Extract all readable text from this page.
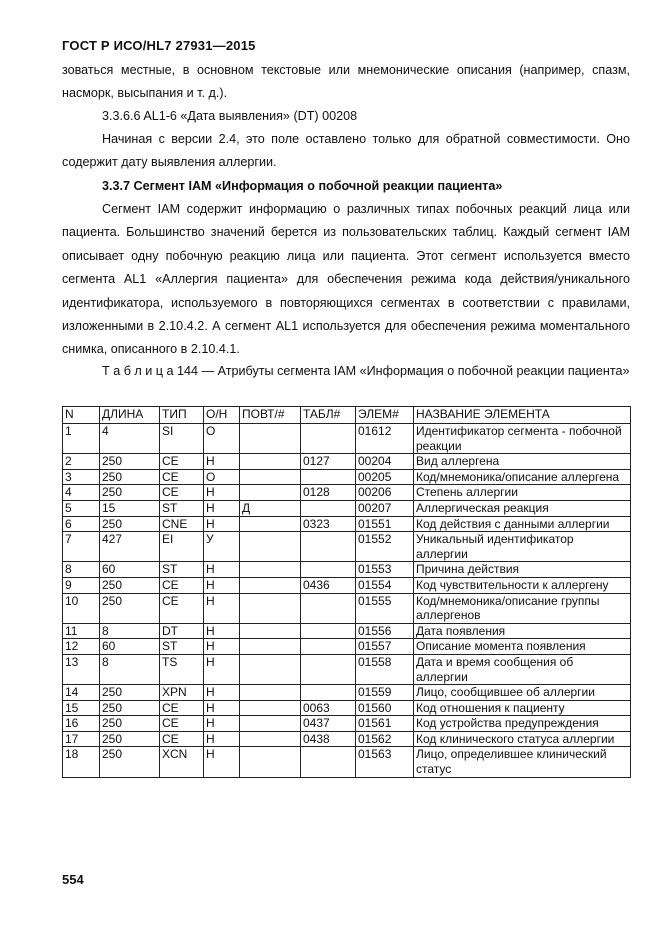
ГОСТ Р ИСО/HL7 27931—2015
зоваться местные, в основном текстовые или мнемонические описания (например, спазм, насморк, высыпания и т. д.).
3.3.6.6 AL1-6 «Дата выявления» (DT) 00208
Начиная с версии 2.4, это поле оставлено только для обратной совместимости. Оно содержит дату выявления аллергии.
3.3.7 Сегмент IAM «Информация о побочной реакции пациента»
Сегмент IAM содержит информацию о различных типах побочных реакций лица или пациента. Большинство значений берется из пользовательских таблиц. Каждый сегмент IAM описывает одну побочную реакцию лица или пациента. Этот сегмент используется вместо сегмента AL1 «Аллергия пациента» для обеспечения режима кода действия/уникального идентификатора, используемого в повторяющихся сегментах в соответствии с правилами, изложенными в 2.10.4.2. А сегмент AL1 используется для обеспечения режима моментального снимка, описанного в 2.10.4.1.
Т а б л и ц а 144 — Атрибуты сегмента IAM «Информация о побочной реакции пациента»
N	ДЛИНА	ТИП	О/Н	ПОВТ/#	ТАБЛ#	ЭЛЕМ#	НАЗВАНИЕ ЭЛЕМЕНТА
1	4	SI	О			01612	Идентификатор сегмента - побочной реакции
2	250	CE	Н		0127	00204	Вид аллергена
3	250	CE	О			00205	Код/мнемоника/описание аллергена
4	250	CE	Н		0128	00206	Степень аллергии
5	15	ST	Н	Д		00207	Аллергическая реакция
6	250	CNE	Н		0323	01551	Код действия с данными аллергии
7	427	EI	У			01552	Уникальный идентификатор аллергии
8	60	ST	Н			01553	Причина действия
9	250	CE	Н		0436	01554	Код чувствительности к аллергену
10	250	CE	Н			01555	Код/мнемоника/описание группы аллергенов
11	8	DT	Н			01556	Дата появления
12	60	ST	Н			01557	Описание момента появления
13	8	TS	Н			01558	Дата и время сообщения об аллергии
14	250	XPN	Н			01559	Лицо, сообщившее об аллергии
15	250	CE	Н		0063	01560	Код отношения к пациенту
16	250	CE	Н		0437	01561	Код устройства предупреждения
17	250	CE	Н		0438	01562	Код клинического статуса аллергии
18	250	XCN	Н			01563	Лицо, определившее клинический статус
554
